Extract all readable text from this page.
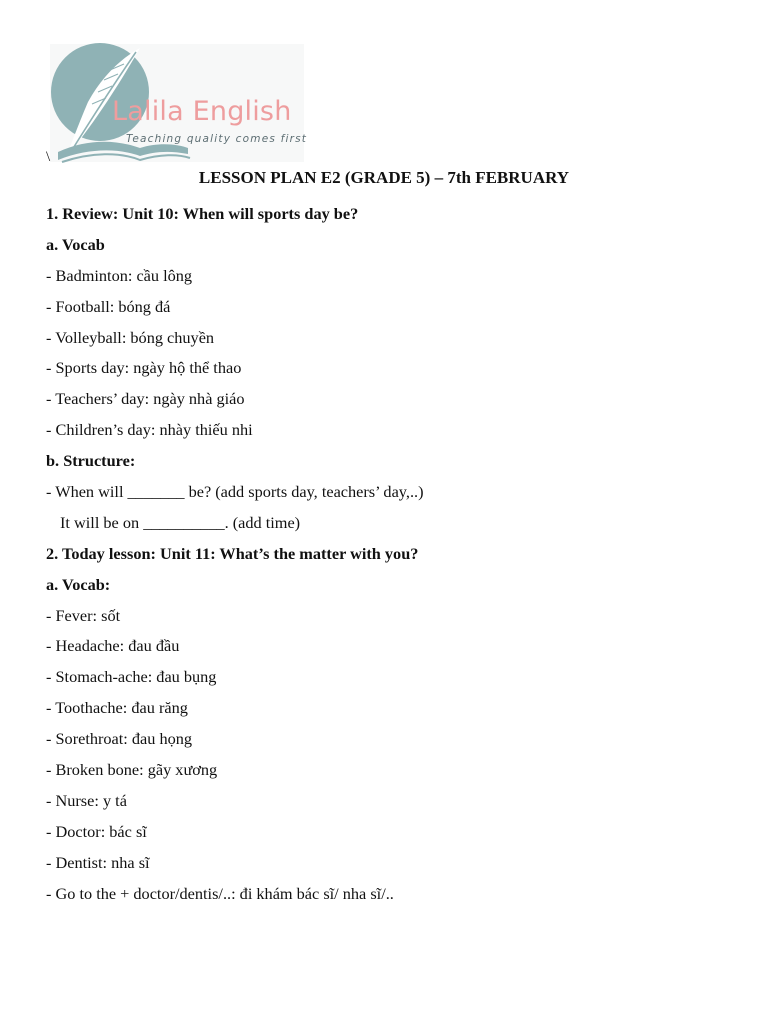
Lalila English
Teaching quality comes first
\
LESSON PLAN E2 (GRADE 5) – 7th FEBRUARY

1. Review: Unit 10: When will sports day be?

a. Vocab

- Badminton: cầu lông

- Football: bóng đá

- Volleyball: bóng chuyền

- Sports day: ngày hộ thể thao

- Teachers’ day: ngày nhà giáo

- Children’s day: nhày thiếu nhi

b. Structure:

- When will _______ be? (add sports day, teachers’ day,..)

It will be on __________. (add time)

2. Today lesson: Unit 11: What’s the matter with you?

a. Vocab:

- Fever: sốt

- Headache: đau đầu

- Stomach-ache: đau bụng

- Toothache: đau răng

- Sorethroat: đau họng

- Broken bone: gãy xương

- Nurse: y tá

- Doctor: bác sĩ

- Dentist: nha sĩ

- Go to the + doctor/dentis/..: đi khám bác sĩ/ nha sĩ/..
